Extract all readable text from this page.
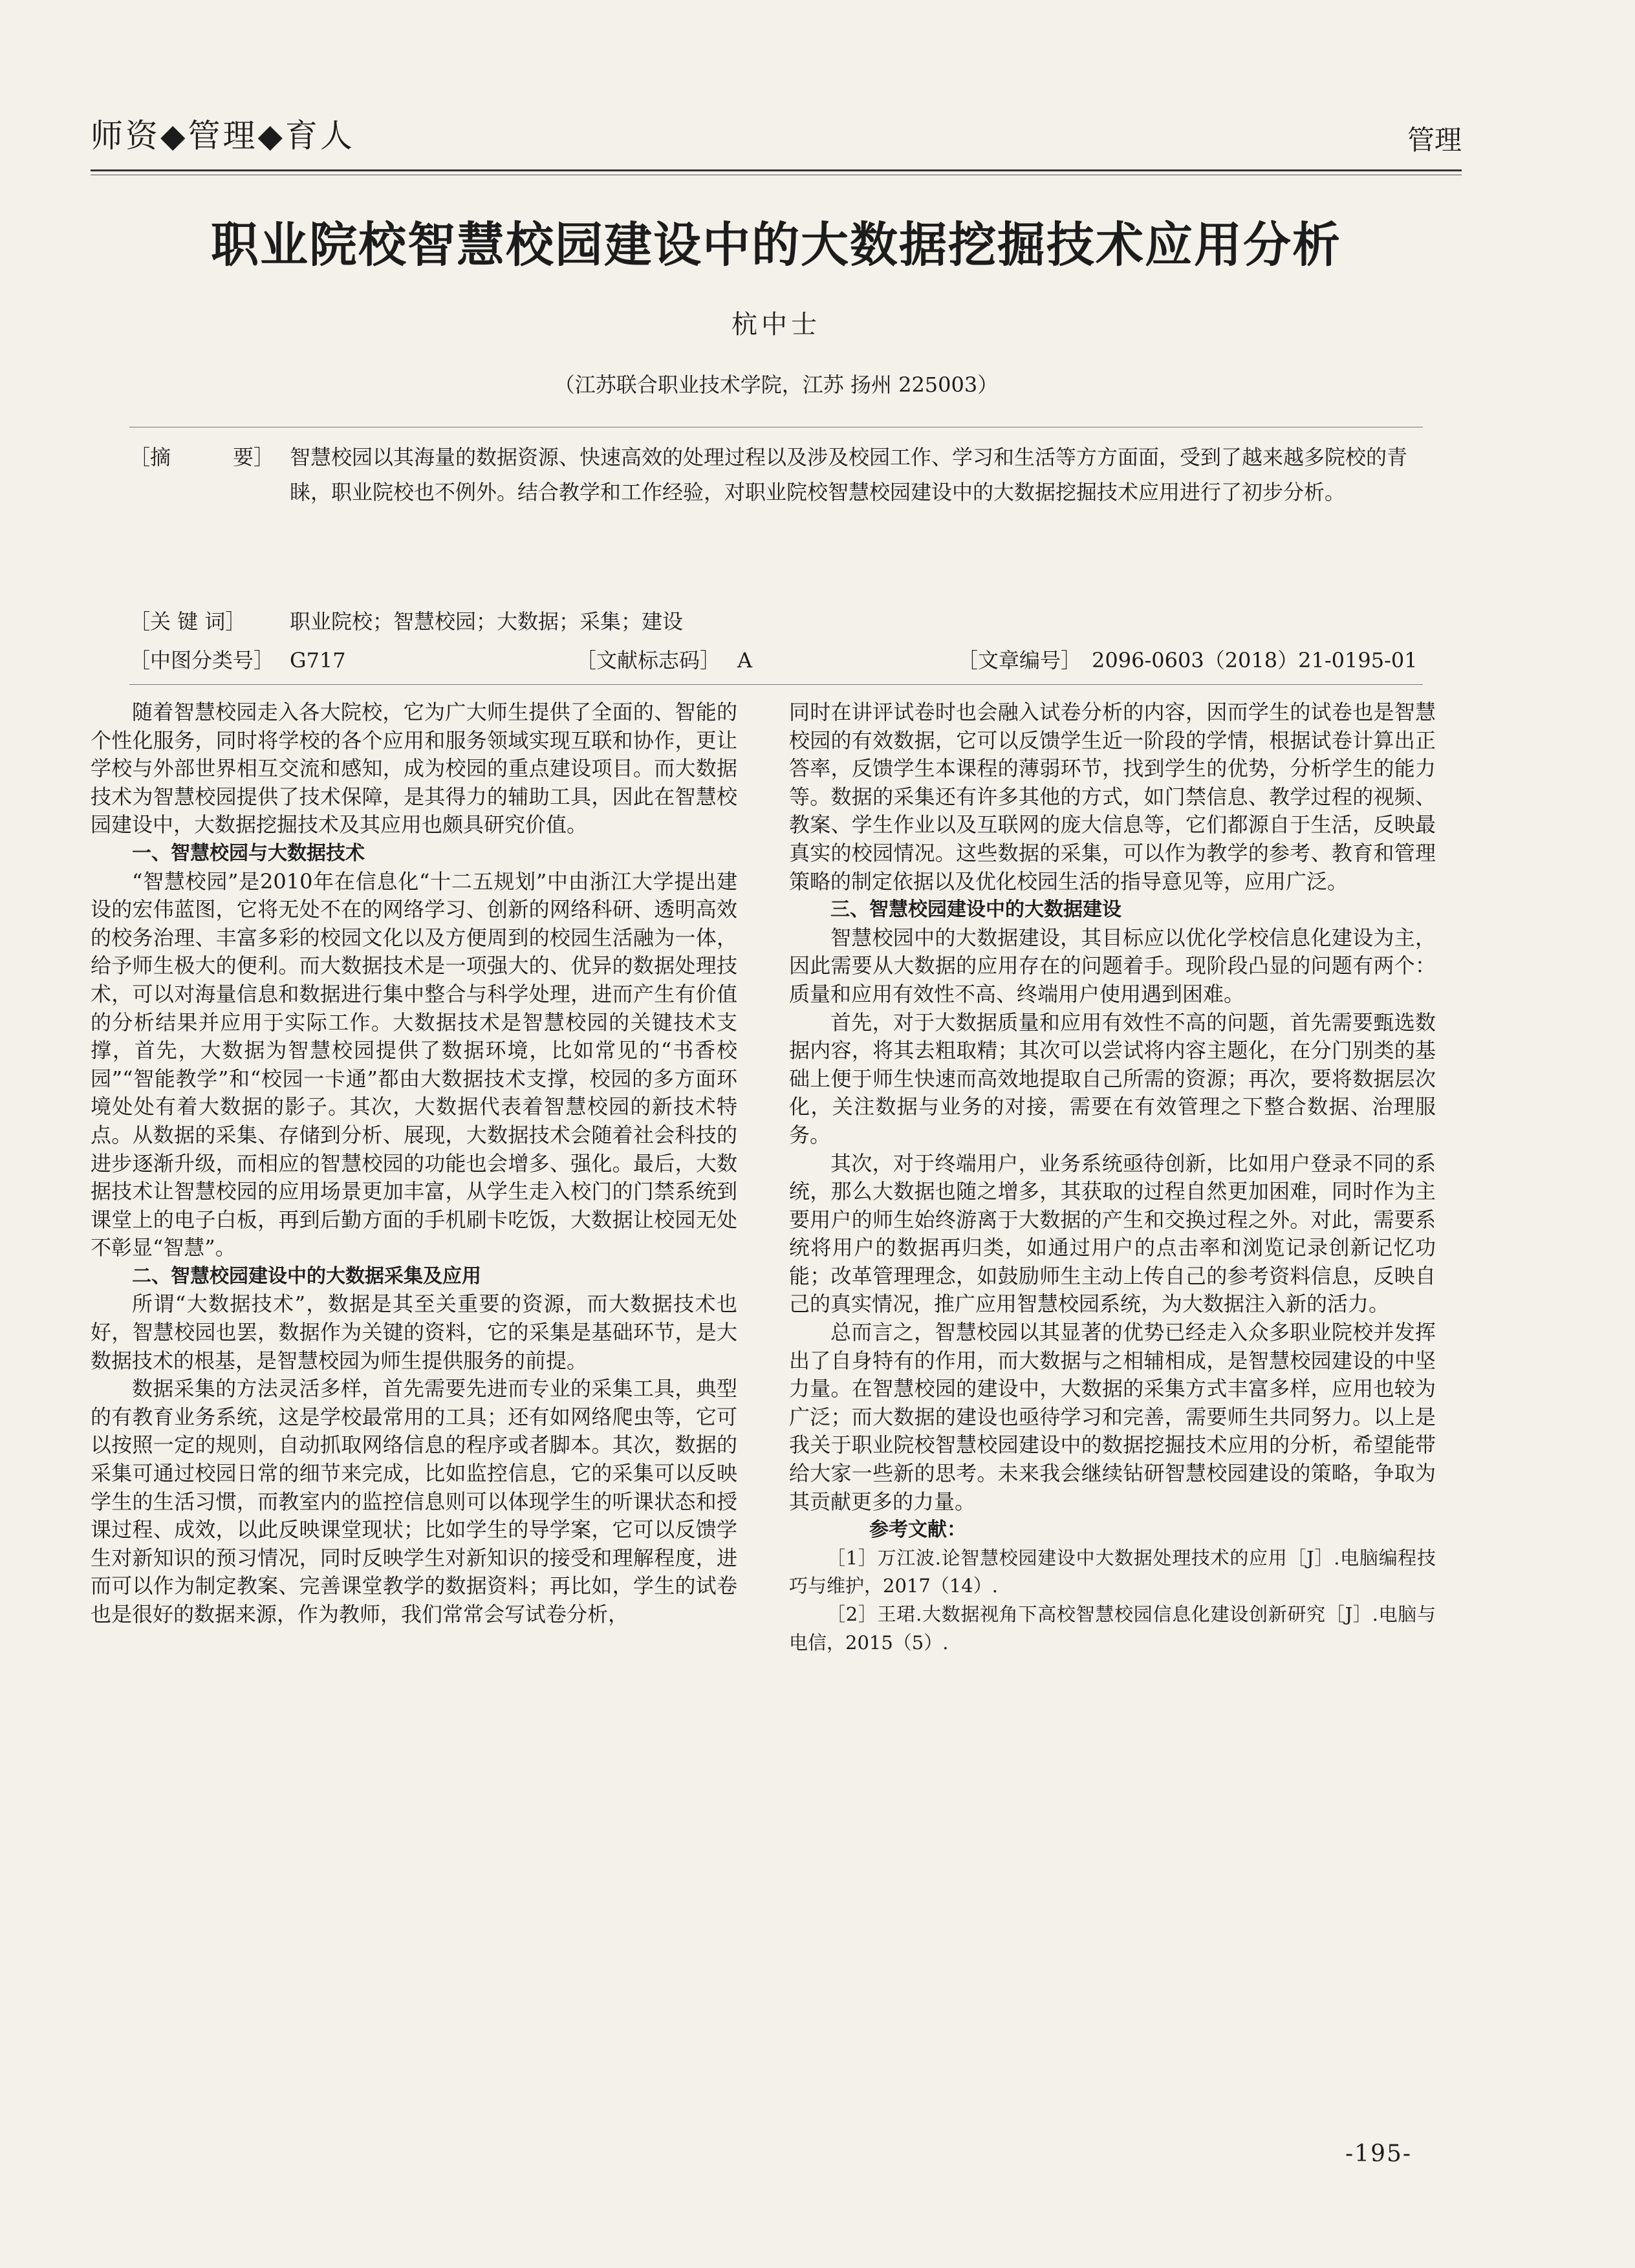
师资◆管理◆育人	管理
职业院校智慧校园建设中的大数据挖掘技术应用分析
杭中士
（江苏联合职业技术学院，江苏 扬州 225003）
［摘　　　要］ 智慧校园以其海量的数据资源、快速高效的处理过程以及涉及校园工作、学习和生活等方方面面，受到了越来越多院校的青睐，职业院校也不例外。结合教学和工作经验，对职业院校智慧校园建设中的大数据挖掘技术应用进行了初步分析。
［关 键 词］ 职业院校；智慧校园；大数据；采集；建设
［中图分类号］ G717	［文献标志码］ A	［文章编号］ 2096-0603（2018）21-0195-01

随着智慧校园走入各大院校，它为广大师生提供了全面的、智能的个性化服务，同时将学校的各个应用和服务领域实现互联和协作，更让学校与外部世界相互交流和感知，成为校园的重点建设项目。而大数据技术为智慧校园提供了技术保障，是其得力的辅助工具，因此在智慧校园建设中，大数据挖掘技术及其应用也颇具研究价值。

一、智慧校园与大数据技术

“智慧校园”是2010年在信息化“十二五规划”中由浙江大学提出建设的宏伟蓝图，它将无处不在的网络学习、创新的网络科研、透明高效的校务治理、丰富多彩的校园文化以及方便周到的校园生活融为一体，给予师生极大的便利。而大数据技术是一项强大的、优异的数据处理技术，可以对海量信息和数据进行集中整合与科学处理，进而产生有价值的分析结果并应用于实际工作。大数据技术是智慧校园的关键技术支撑，首先，大数据为智慧校园提供了数据环境，比如常见的“书香校园”“智能教学”和“校园一卡通”都由大数据技术支撑，校园的多方面环境处处有着大数据的影子。其次，大数据代表着智慧校园的新技术特点。从数据的采集、存储到分析、展现，大数据技术会随着社会科技的进步逐渐升级，而相应的智慧校园的功能也会增多、强化。最后，大数据技术让智慧校园的应用场景更加丰富，从学生走入校门的门禁系统到课堂上的电子白板，再到后勤方面的手机刷卡吃饭，大数据让校园无处不彰显“智慧”。

二、智慧校园建设中的大数据采集及应用

所谓“大数据技术”，数据是其至关重要的资源，而大数据技术也好，智慧校园也罢，数据作为关键的资料，它的采集是基础环节，是大数据技术的根基，是智慧校园为师生提供服务的前提。

数据采集的方法灵活多样，首先需要先进而专业的采集工具，典型的有教育业务系统，这是学校最常用的工具；还有如网络爬虫等，它可以按照一定的规则，自动抓取网络信息的程序或者脚本。其次，数据的采集可通过校园日常的细节来完成，比如监控信息，它的采集可以反映学生的生活习惯，而教室内的监控信息则可以体现学生的听课状态和授课过程、成效，以此反映课堂现状；比如学生的导学案，它可以反馈学生对新知识的预习情况，同时反映学生对新知识的接受和理解程度，进而可以作为制定教案、完善课堂教学的数据资料；再比如，学生的试卷也是很好的数据来源，作为教师，我们常常会写试卷分析，

同时在讲评试卷时也会融入试卷分析的内容，因而学生的试卷也是智慧校园的有效数据，它可以反馈学生近一阶段的学情，根据试卷计算出正答率，反馈学生本课程的薄弱环节，找到学生的优势，分析学生的能力等。数据的采集还有许多其他的方式，如门禁信息、教学过程的视频、教案、学生作业以及互联网的庞大信息等，它们都源自于生活，反映最真实的校园情况。这些数据的采集，可以作为教学的参考、教育和管理策略的制定依据以及优化校园生活的指导意见等，应用广泛。

三、智慧校园建设中的大数据建设

智慧校园中的大数据建设，其目标应以优化学校信息化建设为主，因此需要从大数据的应用存在的问题着手。现阶段凸显的问题有两个：质量和应用有效性不高、终端用户使用遇到困难。

首先，对于大数据质量和应用有效性不高的问题，首先需要甄选数据内容，将其去粗取精；其次可以尝试将内容主题化，在分门别类的基础上便于师生快速而高效地提取自己所需的资源；再次，要将数据层次化，关注数据与业务的对接，需要在有效管理之下整合数据、治理服务。

其次，对于终端用户，业务系统亟待创新，比如用户登录不同的系统，那么大数据也随之增多，其获取的过程自然更加困难，同时作为主要用户的师生始终游离于大数据的产生和交换过程之外。对此，需要系统将用户的数据再归类，如通过用户的点击率和浏览记录创新记忆功能；改革管理理念，如鼓励师生主动上传自己的参考资料信息，反映自己的真实情况，推广应用智慧校园系统，为大数据注入新的活力。

总而言之，智慧校园以其显著的优势已经走入众多职业院校并发挥出了自身特有的作用，而大数据与之相辅相成，是智慧校园建设的中坚力量。在智慧校园的建设中，大数据的采集方式丰富多样，应用也较为广泛；而大数据的建设也亟待学习和完善，需要师生共同努力。以上是我关于职业院校智慧校园建设中的数据挖掘技术应用的分析，希望能带给大家一些新的思考。未来我会继续钻研智慧校园建设的策略，争取为其贡献更多的力量。

参考文献：

［1］万江波.论智慧校园建设中大数据处理技术的应用［J］.电脑编程技巧与维护，2017（14）.

［2］王珺.大数据视角下高校智慧校园信息化建设创新研究［J］.电脑与电信，2015（5）.

-195-
